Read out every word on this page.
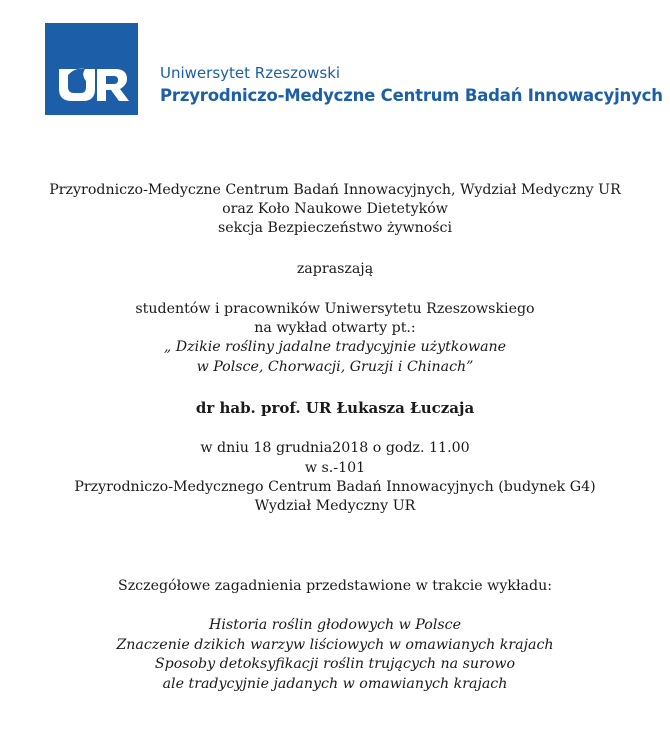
Uniwersytet Rzeszowski
Przyrodniczo-Medyczne Centrum Badań Innowacyjnych
Przyrodniczo-Medyczne Centrum Badań Innowacyjnych, Wydział Medyczny UR
oraz Koło Naukowe Dietetyków
sekcja Bezpieczeństwo żywności
zapraszają
studentów i pracowników Uniwersytetu Rzeszowskiego
na wykład otwarty pt.:
„ Dzikie rośliny jadalne tradycyjnie użytkowane
w Polsce, Chorwacji, Gruzji i Chinach”
dr hab. prof. UR Łukasza Łuczaja
w dniu 18 grudnia2018 o godz. 11.00
w s.-101
Przyrodniczo-Medycznego Centrum Badań Innowacyjnych (budynek G4)
Wydział Medyczny UR
Szczegółowe zagadnienia przedstawione w trakcie wykładu:
Historia roślin głodowych w Polsce
Znaczenie dzikich warzyw liściowych w omawianych krajach
Sposoby detoksyfikacji roślin trujących na surowo
ale tradycyjnie jadanych w omawianych krajach
